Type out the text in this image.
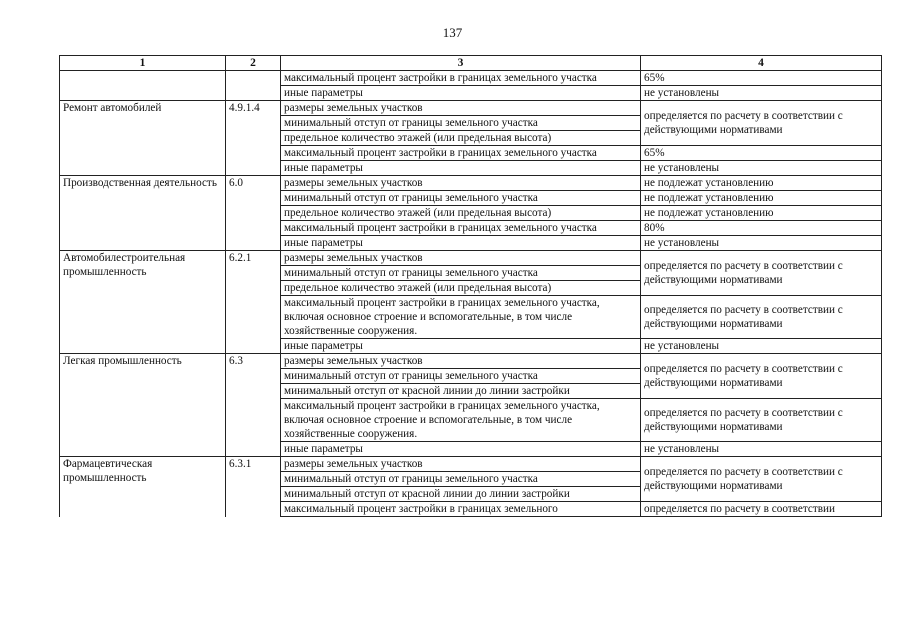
137
1	2	3	4
		максимальный процент застройки в границах земельного участка	65%
		иные параметры	не установлены
Ремонт автомобилей	4.9.1.4	размеры земельных участков	определяется по расчету в соответствии с действующими нормативами
		минимальный отступ от границы земельного участка	
		предельное количество этажей (или предельная высота)	
		максимальный процент застройки в границах земельного участка	65%
		иные параметры	не установлены
Производственная деятельность	6.0	размеры земельных участков	не подлежат установлению
		минимальный отступ от границы земельного участка	не подлежат установлению
		предельное количество этажей (или предельная высота)	не подлежат установлению
		максимальный процент застройки в границах земельного участка	80%
		иные параметры	не установлены
Автомобилестроительная промышленность	6.2.1	размеры земельных участков	определяется по расчету в соответствии с действующими нормативами
		минимальный отступ от границы земельного участка	
		предельное количество этажей (или предельная высота)	
		максимальный процент застройки в границах земельного участка, включая основное строение и вспомогательные, в том числе хозяйственные сооружения.	определяется по расчету в соответствии с действующими нормативами
		иные параметры	не установлены
Легкая промышленность	6.3	размеры земельных участков	определяется по расчету в соответствии с действующими нормативами
		минимальный отступ от границы земельного участка	
		минимальный отступ от красной линии до линии застройки	
		максимальный процент застройки в границах земельного участка, включая основное строение и вспомогательные, в том числе хозяйственные сооружения.	определяется по расчету в соответствии с действующими нормативами
		иные параметры	не установлены
Фармацевтическая промышленность	6.3.1	размеры земельных участков	определяется по расчету в соответствии с действующими нормативами
		минимальный отступ от границы земельного участка	
		минимальный отступ от красной линии до линии застройки	
		максимальный процент застройки в границах земельного	определяется по расчету в соответствии
